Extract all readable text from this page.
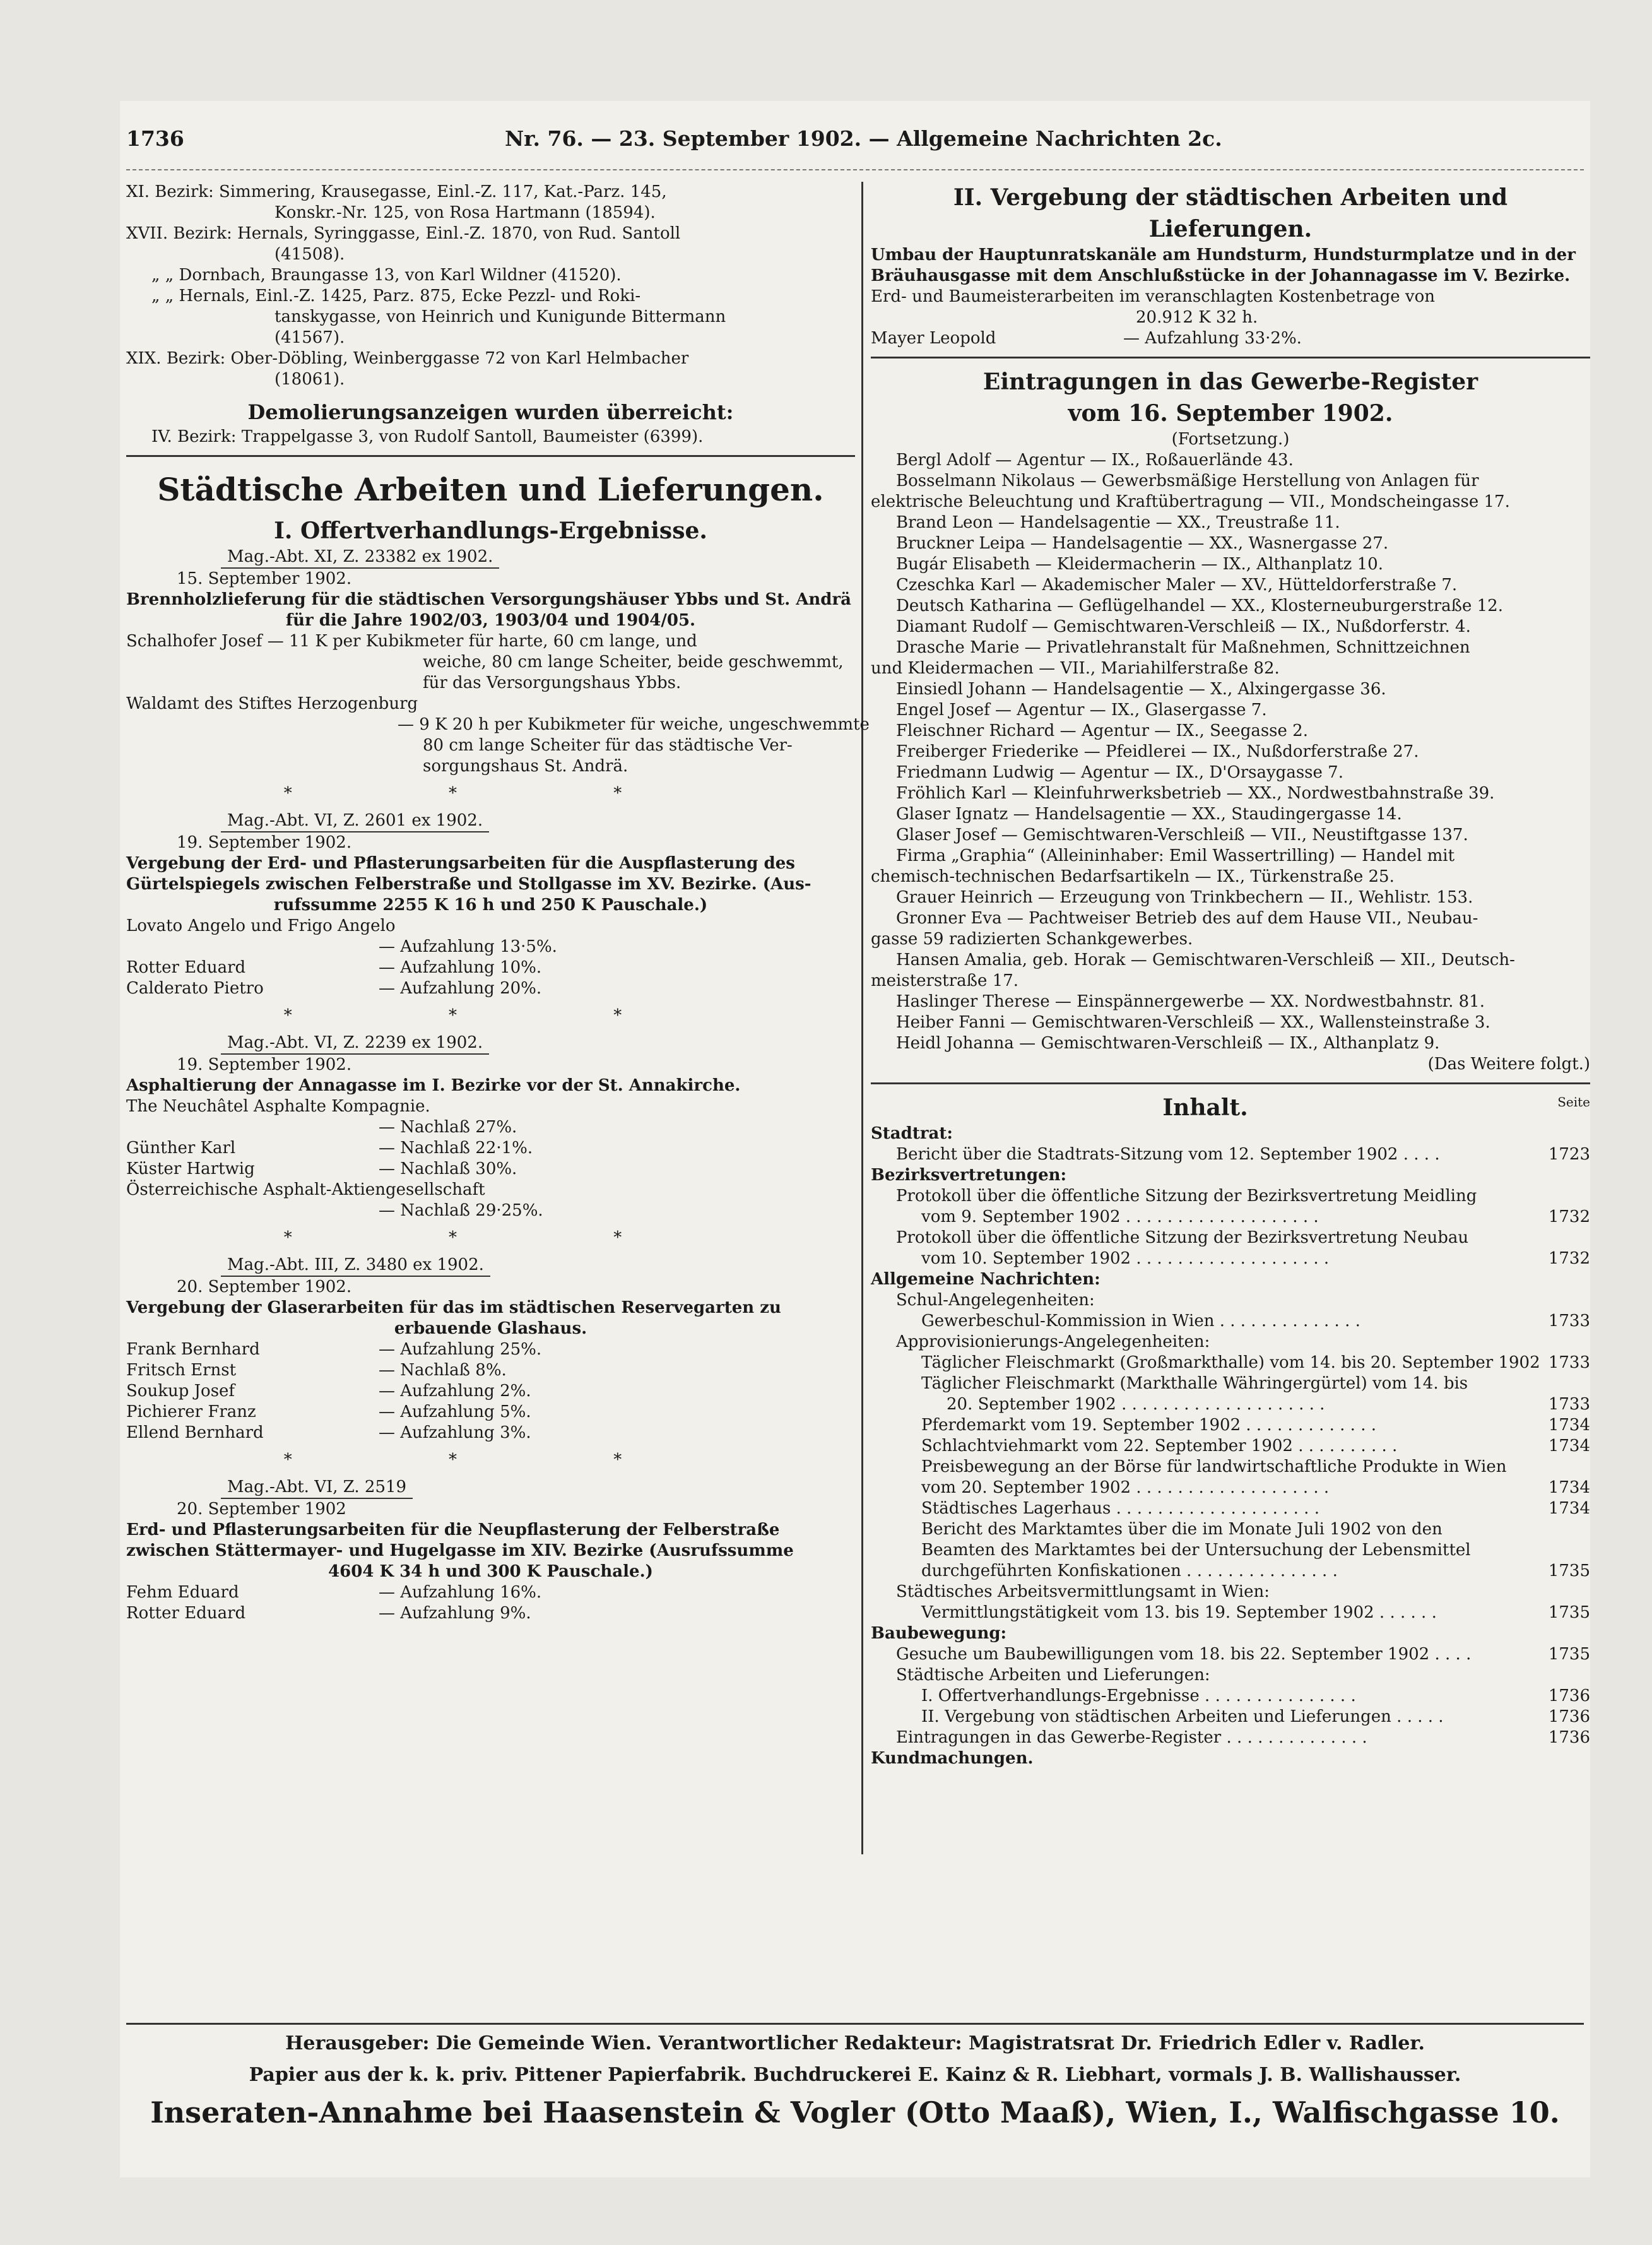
1736	Nr. 76. — 23. September 1902. — Allgemeine Nachrichten 2c.
XI. Bezirk: Simmering, Krausegasse, Einl.-Z. 117, Kat.-Parz. 145,
Konskr.-Nr. 125, von Rosa Hartmann (18594).
XVII. Bezirk: Hernals, Syringgasse, Einl.-Z. 1870, von Rud. Santoll
(41508).
„ „ Dornbach, Braungasse 13, von Karl Wildner (41520).
„ „ Hernals, Einl.-Z. 1425, Parz. 875, Ecke Pezzl- und Roki-
tanskygasse, von Heinrich und Kunigunde Bittermann
(41567).
XIX. Bezirk: Ober-Döbling, Weinberggasse 72 von Karl Helmbacher
(18061).
Demolierungsanzeigen wurden überreicht:
IV. Bezirk: Trappelgasse 3, von Rudolf Santoll, Baumeister (6399).
Städtische Arbeiten und Lieferungen.
I. Offertverhandlungs-Ergebnisse.
Mag.-Abt. XI, Z. 23382 ex 1902.
15. September 1902.
Brennholzlieferung für die städtischen Versorgungshäuser Ybbs und St. Andrä
für die Jahre 1902/03, 1903/04 und 1904/05.
Schalhofer Josef — 11 K per Kubikmeter für harte, 60 cm lange, und
weiche, 80 cm lange Scheiter, beide geschwemmt,
für das Versorgungshaus Ybbs.
Waldamt des Stiftes Herzogenburg
— 9 K 20 h per Kubikmeter für weiche, ungeschwemmte
80 cm lange Scheiter für das städtische Ver-
sorgungshaus St. Andrä.
* * *
Mag.-Abt. VI, Z. 2601 ex 1902.
19. September 1902.
Vergebung der Erd- und Pflasterungsarbeiten für die Auspflasterung des
Gürtelspiegels zwischen Felberstraße und Stollgasse im XV. Bezirke. (Aus-
rufssumme 2255 K 16 h und 250 K Pauschale.)
Lovato Angelo und Frigo Angelo
— Aufzahlung 13·5%.
Rotter Eduard	— Aufzahlung 10%.
Calderato Pietro	— Aufzahlung 20%.
* * *
Mag.-Abt. VI, Z. 2239 ex 1902.
19. September 1902.
Asphaltierung der Annagasse im I. Bezirke vor der St. Annakirche.
The Neuchâtel Asphalte Kompagnie.
— Nachlaß 27%.
Günther Karl	— Nachlaß 22·1%.
Küster Hartwig	— Nachlaß 30%.
Österreichische Asphalt-Aktiengesellschaft
— Nachlaß 29·25%.
* * *
Mag.-Abt. III, Z. 3480 ex 1902.
20. September 1902.
Vergebung der Glaserarbeiten für das im städtischen Reservegarten zu
erbauende Glashaus.
Frank Bernhard	— Aufzahlung 25%.
Fritsch Ernst	— Nachlaß 8%.
Soukup Josef	— Aufzahlung 2%.
Pichierer Franz	— Aufzahlung 5%.
Ellend Bernhard	— Aufzahlung 3%.
* * *
Mag.-Abt. VI, Z. 2519
20. September 1902
Erd- und Pflasterungsarbeiten für die Neupflasterung der Felberstraße
zwischen Stättermayer- und Hugelgasse im XIV. Bezirke (Ausrufssumme
4604 K 34 h und 300 K Pauschale.)
Fehm Eduard	— Aufzahlung 16%.
Rotter Eduard	— Aufzahlung 9%.
II. Vergebung der städtischen Arbeiten und
Lieferungen.
Umbau der Hauptunratskanäle am Hundsturm, Hundsturmplatze und in der
Bräuhausgasse mit dem Anschlußstücke in der Johannagasse im V. Bezirke.
Erd- und Baumeisterarbeiten im veranschlagten Kostenbetrage von
20.912 K 32 h.
Mayer Leopold	— Aufzahlung 33·2%.
Eintragungen in das Gewerbe-Register
vom 16. September 1902.
(Fortsetzung.)
Bergl Adolf — Agentur — IX., Roßauerlände 43.
Bosselmann Nikolaus — Gewerbsmäßige Herstellung von Anlagen für
elektrische Beleuchtung und Kraftübertragung — VII., Mondscheingasse 17.
Brand Leon — Handelsagentie — XX., Treustraße 11.
Bruckner Leipa — Handelsagentie — XX., Wasnergasse 27.
Bugár Elisabeth — Kleidermacherin — IX., Althanplatz 10.
Czeschka Karl — Akademischer Maler — XV., Hütteldorferstraße 7.
Deutsch Katharina — Geflügelhandel — XX., Klosterneuburgerstraße 12.
Diamant Rudolf — Gemischtwaren-Verschleiß — IX., Nußdorferstr. 4.
Drasche Marie — Privatlehranstalt für Maßnehmen, Schnittzeichnen
und Kleidermachen — VII., Mariahilferstraße 82.
Einsiedl Johann — Handelsagentie — X., Alxingergasse 36.
Engel Josef — Agentur — IX., Glasergasse 7.
Fleischner Richard — Agentur — IX., Seegasse 2.
Freiberger Friederike — Pfeidlerei — IX., Nußdorferstraße 27.
Friedmann Ludwig — Agentur — IX., D'Orsaygasse 7.
Fröhlich Karl — Kleinfuhrwerksbetrieb — XX., Nordwestbahnstraße 39.
Glaser Ignatz — Handelsagentie — XX., Staudingergasse 14.
Glaser Josef — Gemischtwaren-Verschleiß — VII., Neustiftgasse 137.
Firma „Graphia“ (Alleininhaber: Emil Wassertrilling) — Handel mit
chemisch-technischen Bedarfsartikeln — IX., Türkenstraße 25.
Grauer Heinrich — Erzeugung von Trinkbechern — II., Wehlistr. 153.
Gronner Eva — Pachtweiser Betrieb des auf dem Hause VII., Neubau-
gasse 59 radizierten Schankgewerbes.
Hansen Amalia, geb. Horak — Gemischtwaren-Verschleiß — XII., Deutsch-
meisterstraße 17.
Haslinger Therese — Einspännergewerbe — XX. Nordwestbahnstr. 81.
Heiber Fanni — Gemischtwaren-Verschleiß — XX., Wallensteinstraße 3.
Heidl Johanna — Gemischtwaren-Verschleiß — IX., Althanplatz 9.
(Das Weitere folgt.)
Inhalt.	Seite
Stadtrat:
Bericht über die Stadtrats-Sitzung vom 12. September 1902 . . . .	1723
Bezirksvertretungen:
Protokoll über die öffentliche Sitzung der Bezirksvertretung Meidling
vom 9. September 1902 . . . . . . . . . . . . . . . . . . .	1732
Protokoll über die öffentliche Sitzung der Bezirksvertretung Neubau
vom 10. September 1902 . . . . . . . . . . . . . . . . . . .	1732
Allgemeine Nachrichten:
Schul-Angelegenheiten:
Gewerbeschul-Kommission in Wien . . . . . . . . . . . . . .	1733
Approvisionierungs-Angelegenheiten:
Täglicher Fleischmarkt (Großmarkthalle) vom 14. bis 20. September 1902 1733
Täglicher Fleischmarkt (Markthalle Währingergürtel) vom 14. bis
20. September 1902 . . . . . . . . . . . . . . . . . . . .	1733
Pferdemarkt vom 19. September 1902 . . . . . . . . . . . . .	1734
Schlachtviehmarkt vom 22. September 1902 . . . . . . . . . .	1734
Preisbewegung an der Börse für landwirtschaftliche Produkte in Wien
vom 20. September 1902 . . . . . . . . . . . . . . . . . . .	1734
Städtisches Lagerhaus . . . . . . . . . . . . . . . . . . . .	1734
Bericht des Marktamtes über die im Monate Juli 1902 von den
Beamten des Marktamtes bei der Untersuchung der Lebensmittel
durchgeführten Konfiskationen . . . . . . . . . . . . . . .	1735
Städtisches Arbeitsvermittlungsamt in Wien:
Vermittlungstätigkeit vom 13. bis 19. September 1902 . . . . . .	1735
Baubewegung:
Gesuche um Baubewilligungen vom 18. bis 22. September 1902 . . . .	1735
Städtische Arbeiten und Lieferungen:
I. Offertverhandlungs-Ergebnisse . . . . . . . . . . . . . . .	1736
II. Vergebung von städtischen Arbeiten und Lieferungen . . . . .	1736
Eintragungen in das Gewerbe-Register . . . . . . . . . . . . . .	1736
Kundmachungen.
Herausgeber: Die Gemeinde Wien. Verantwortlicher Redakteur: Magistratsrat Dr. Friedrich Edler v. Radler.
Papier aus der k. k. priv. Pittener Papierfabrik. Buchdruckerei E. Kainz & R. Liebhart, vormals J. B. Wallishausser.
Inseraten-Annahme bei Haasenstein & Vogler (Otto Maaß), Wien, I., Walfischgasse 10.
